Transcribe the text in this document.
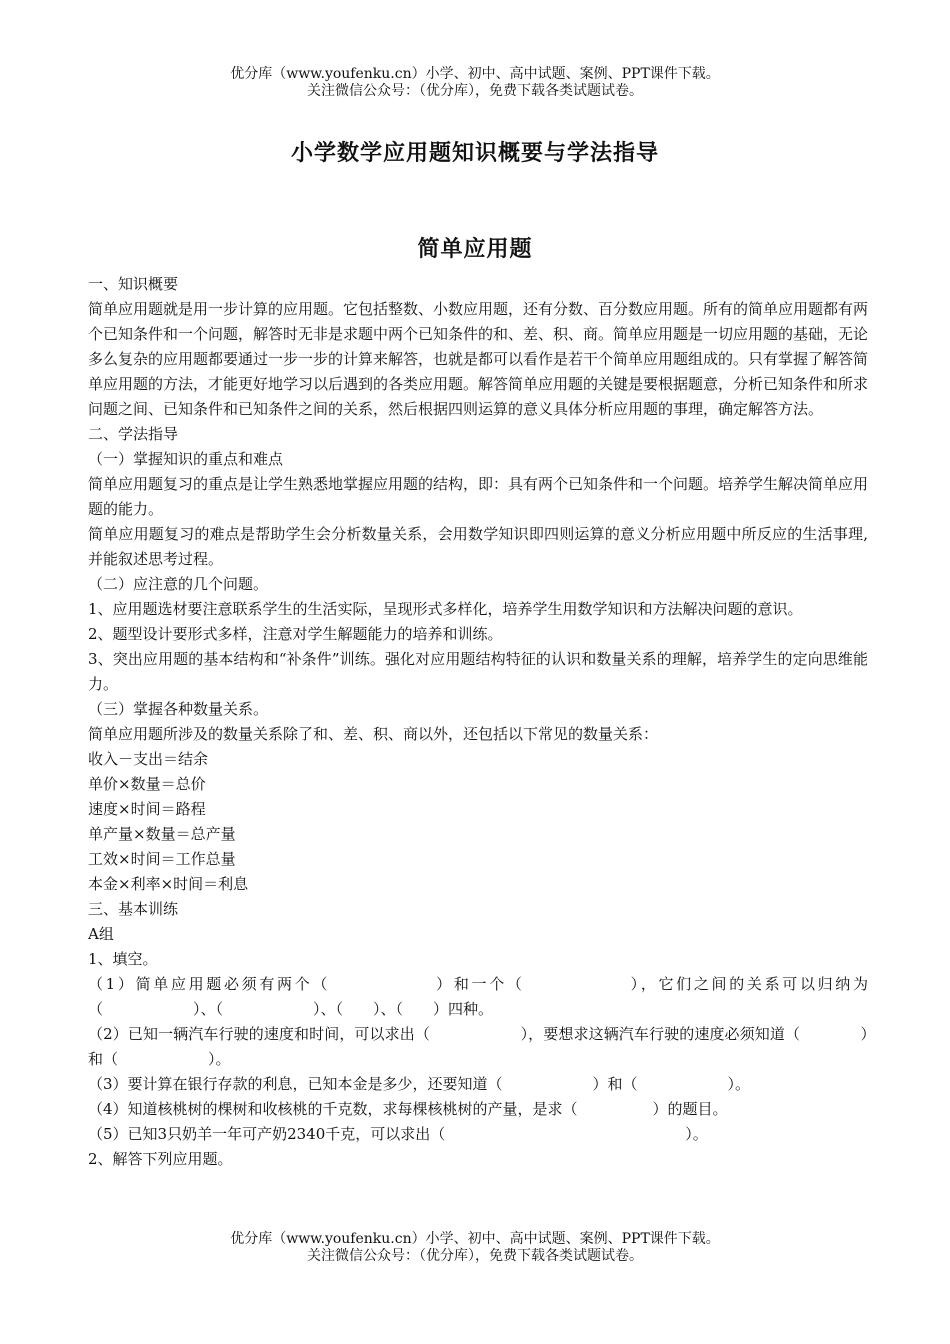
优分库（www.youfenku.cn）小学、初中、高中试题、案例、PPT课件下载。
关注微信公众号：（优分库），免费下载各类试题试卷。
小学数学应用题知识概要与学法指导
简单应用题

一、知识概要

简单应用题就是用一步计算的应用题。它包括整数、小数应用题，还有分数、百分数应用题。所有的简单应用题都有两个已知条件和一个问题，解答时无非是求题中两个已知条件的和、差、积、商。简单应用题是一切应用题的基础，无论多么复杂的应用题都要通过一步一步的计算来解答，也就是都可以看作是若干个简单应用题组成的。只有掌握了解答简单应用题的方法，才能更好地学习以后遇到的各类应用题。解答简单应用题的关键是要根据题意，分析已知条件和所求问题之间、已知条件和已知条件之间的关系，然后根据四则运算的意义具体分析应用题的事理，确定解答方法。

二、学法指导

（一）掌握知识的重点和难点

简单应用题复习的重点是让学生熟悉地掌握应用题的结构，即：具有两个已知条件和一个问题。培养学生解决简单应用题的能力。

简单应用题复习的难点是帮助学生会分析数量关系，会用数学知识即四则运算的意义分析应用题中所反应的生活事理,并能叙述思考过程。

（二）应注意的几个问题。

1、应用题选材要注意联系学生的生活实际，呈现形式多样化，培养学生用数学知识和方法解决问题的意识。

2、题型设计要形式多样，注意对学生解题能力的培养和训练。

3、突出应用题的基本结构和“补条件”训练。强化对应用题结构特征的认识和数量关系的理解，培养学生的定向思维能力。

（三）掌握各种数量关系。

简单应用题所涉及的数量关系除了和、差、积、商以外，还包括以下常见的数量关系：

收入－支出＝结余

单价×数量＝总价

速度×时间＝路程

单产量×数量＝总产量

工效×时间＝工作总量

本金×利率×时间＝利息

三、基本训练

A组

1、填空。

（1）简单应用题必须有两个（　　　　　　）和一个（　　　　　　），它们之间的关系可以归纳为（　　　　　　）、（　　　　　　）、（　　）、（　　）四种。

（2）已知一辆汽车行驶的速度和时间，可以求出（　　　　　　），要想求这辆汽车行驶的速度必须知道（　　　　）和（　　　　　　）。

（3）要计算在银行存款的利息，已知本金是多少，还要知道（　　　　　　）和（　　　　　　）。

（4）知道核桃树的棵树和收核桃的千克数，求每棵核桃树的产量，是求（　　　　　）的题目。

（5）已知3只奶羊一年可产奶2340千克，可以求出（　　　　　　　　　　　　　　　　）。

2、解答下列应用题。

优分库（www.youfenku.cn）小学、初中、高中试题、案例、PPT课件下载。
关注微信公众号：（优分库），免费下载各类试题试卷。
